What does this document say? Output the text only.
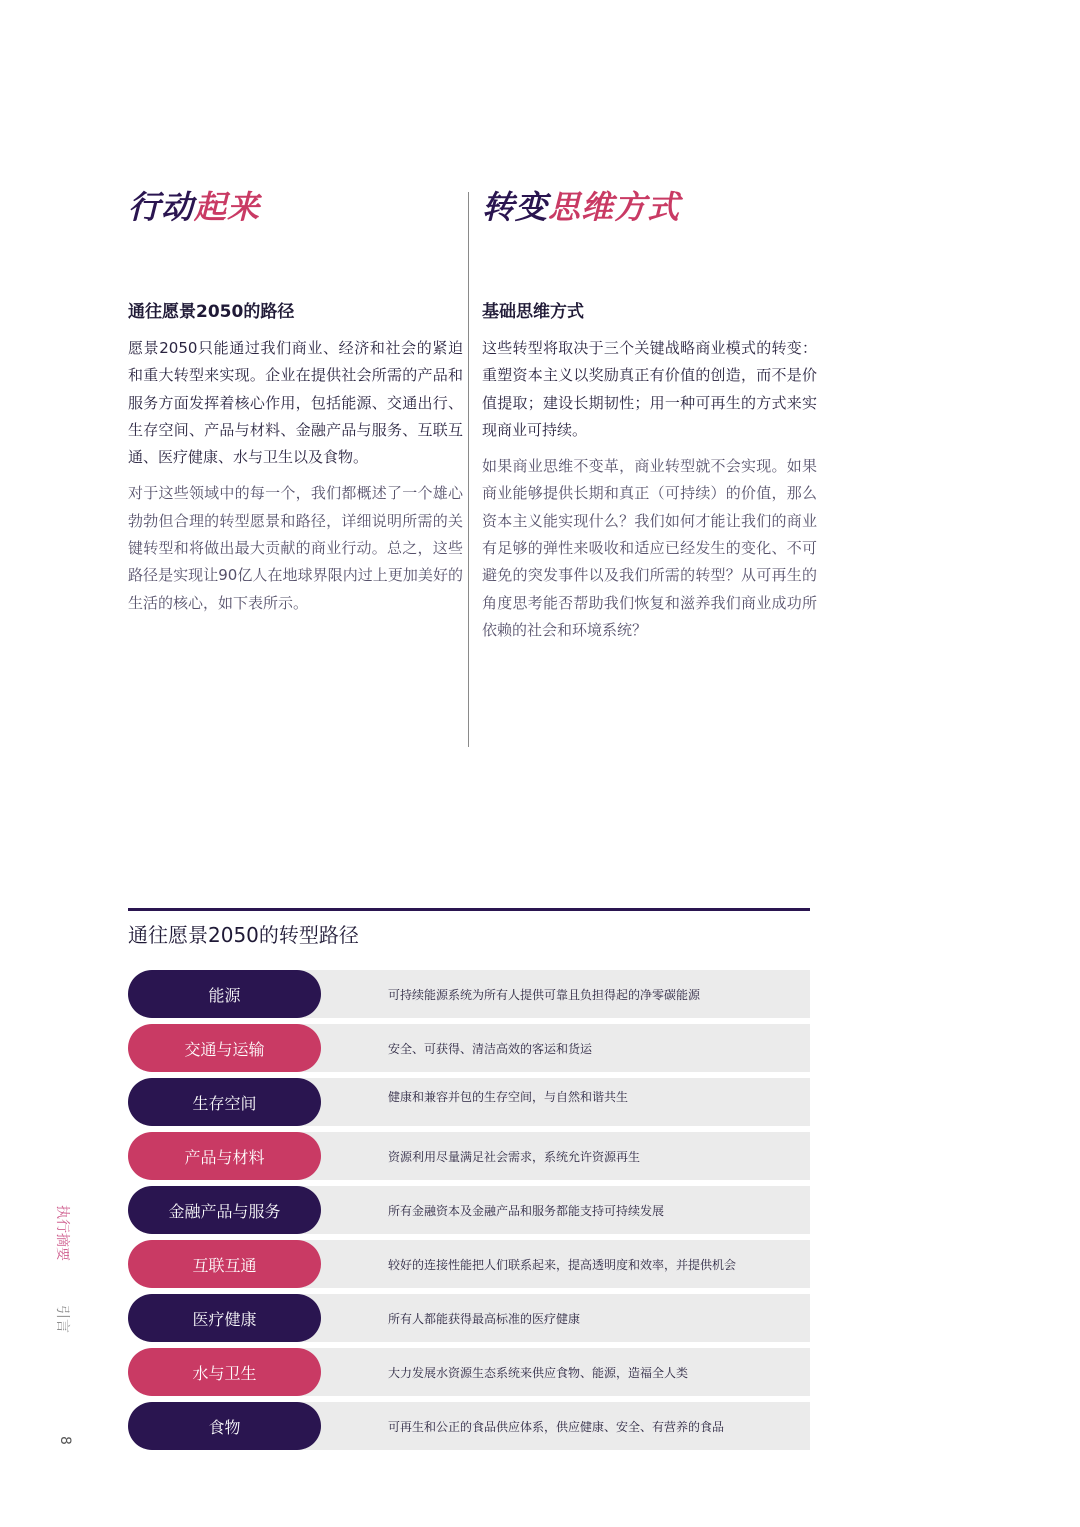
行动起来
通往愿景2050的路径

愿景2050只能通过我们商业、经济和社会的紧迫和重大转型来实现。企业在提供社会所需的产品和服务方面发挥着核心作用，包括能源、交通出行、生存空间、产品与材料、金融产品与服务、互联互通、医疗健康、水与卫生以及食物。

对于这些领域中的每一个，我们都概述了一个雄心勃勃但合理的转型愿景和路径，详细说明所需的关键转型和将做出最大贡献的商业行动。总之，这些路径是实现让90亿人在地球界限内过上更加美好的生活的核心，如下表所示。

转变思维方式
基础思维方式

这些转型将取决于三个关键战略商业模式的转变：重塑资本主义以奖励真正有价值的创造，而不是价值提取；建设长期韧性；用一种可再生的方式来实现商业可持续。

如果商业思维不变革，商业转型就不会实现。如果商业能够提供长期和真正（可持续）的价值，那么资本主义能实现什么？我们如何才能让我们的商业有足够的弹性来吸收和适应已经发生的变化、不可避免的突发事件以及我们所需的转型？从可再生的角度思考能否帮助我们恢复和滋养我们商业成功所依赖的社会和环境系统？

通往愿景2050的转型路径
可持续能源系统为所有人提供可靠且负担得起的净零碳能源
能源
安全、可获得、清洁高效的客运和货运
交通与运输
健康和兼容并包的生存空间，与自然和谐共生
生存空间
资源利用尽量满足社会需求，系统允许资源再生
产品与材料
所有金融资本及金融产品和服务都能支持可持续发展
金融产品与服务
较好的连接性能把人们联系起来，提高透明度和效率，并提供机会
互联互通
所有人都能获得最高标准的医疗健康
医疗健康
大力发展水资源生态系统来供应食物、能源，造福全人类
水与卫生
可再生和公正的食品供应体系，供应健康、安全、有营养的食品
食物
执行摘要
引言
8
